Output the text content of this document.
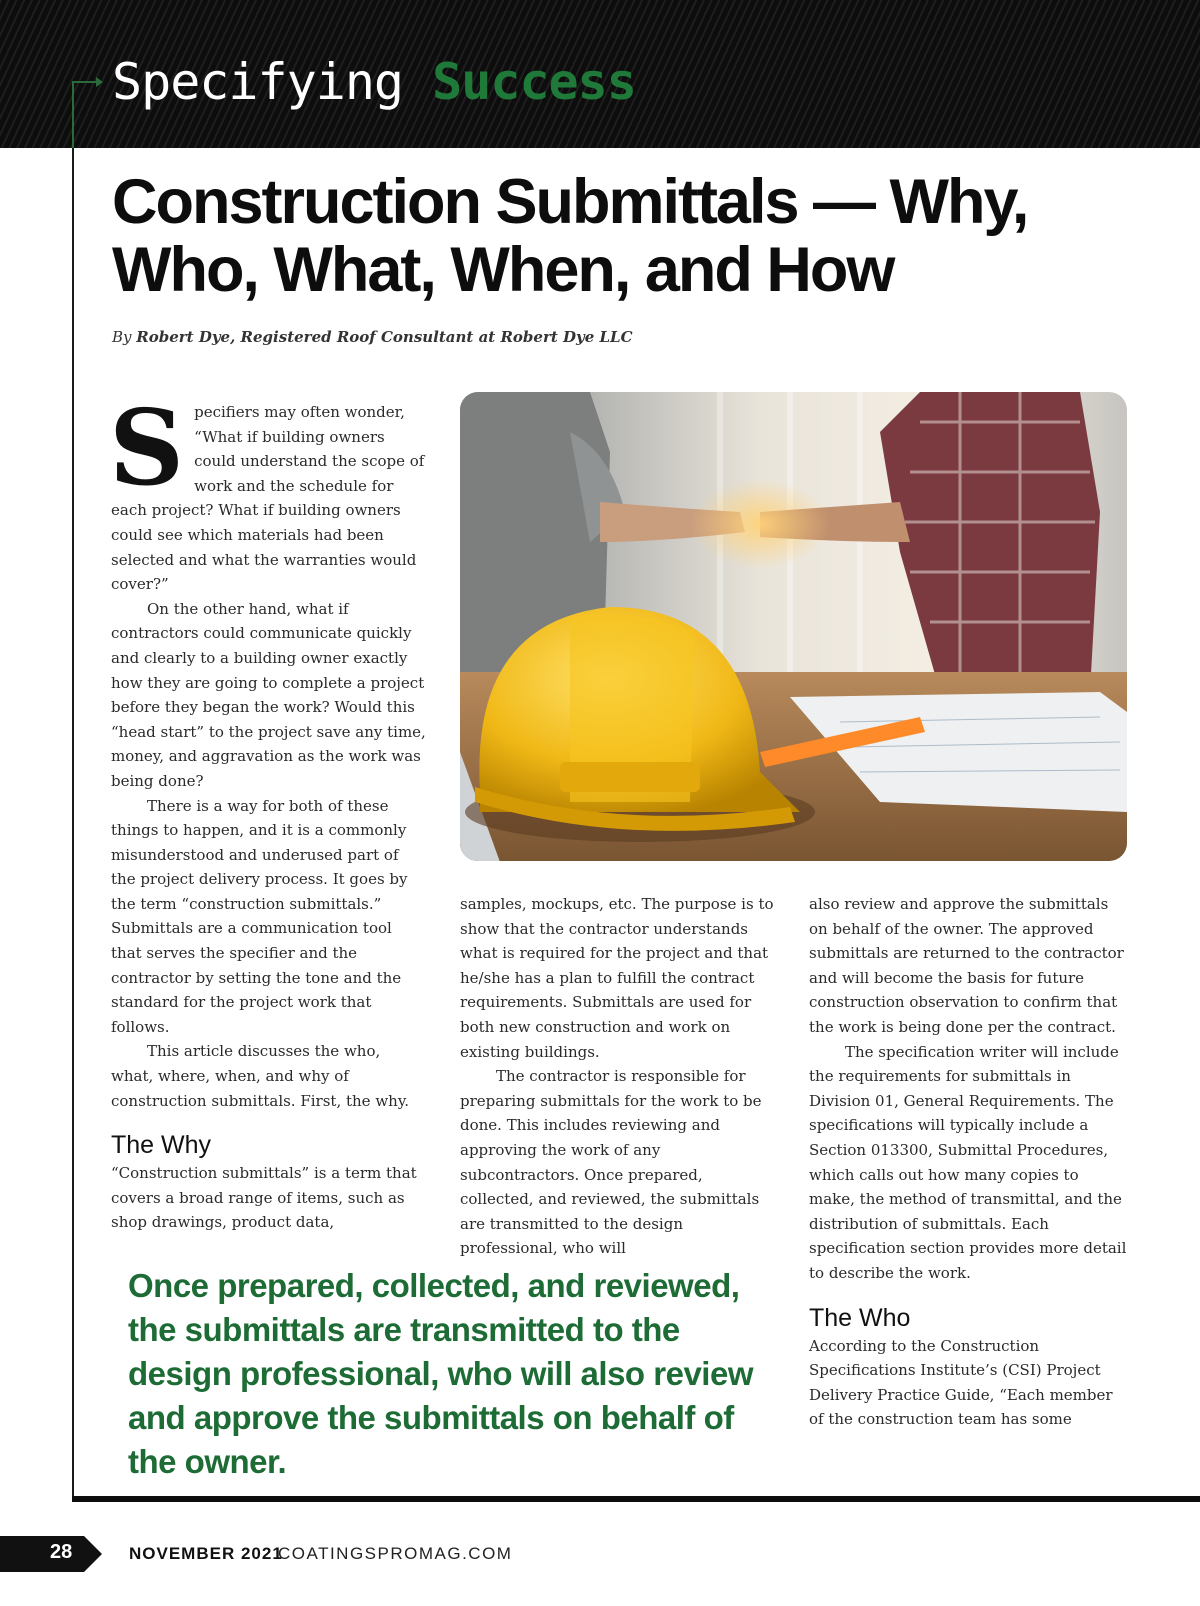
Specifying Success
Construction Submittals — Why,
Who, What, When, and How
By Robert Dye, Registered Roof Consultant at Robert Dye LLC

Specifiers may often wonder, “What if building owners could understand the scope of work and the schedule for each project? What if building owners could see which materials had been selected and what the warranties would cover?”

On the other hand, what if contractors could communicate quickly and clearly to a building owner exactly how they are going to complete a project before they began the work? Would this “head start” to the project save any time, money, and aggravation as the work was being done?

There is a way for both of these things to happen, and it is a commonly misunderstood and underused part of the project delivery process. It goes by the term “construction submittals.” Submittals are a communication tool that serves the specifier and the contractor by setting the tone and the standard for the project work that follows.

This article discusses the who, what, where, when, and why of construction submittals. First, the why.

The Why

“Construction submittals” is a term that covers a broad range of items, such as shop drawings, product data,

samples, mockups, etc. The purpose is to show that the contractor understands what is required for the project and that he/she has a plan to fulfill the contract requirements. Submittals are used for both new construction and work on existing buildings.

The contractor is responsible for preparing submittals for the work to be done. This includes reviewing and approving the work of any subcontractors. Once prepared, collected, and reviewed, the submittals are transmitted to the design professional, who will

also review and approve the submittals on behalf of the owner. The approved submittals are returned to the contractor and will become the basis for future construction observation to confirm that the work is being done per the contract.

The specification writer will include the requirements for submittals in Division 01, General Requirements. The specifications will typically include a Section 013300, Submittal Procedures, which calls out how many copies to make, the method of transmittal, and the distribution of submittals. Each specification section provides more detail to describe the work.

The Who

According to the Construction Specifications Institute’s (CSI) Project Delivery Practice Guide, “Each member of the construction team has some

Once prepared, collected, and reviewed, the submittals are transmitted to the design professional, who will also review and approve the submittals on behalf of the owner.
28	NOVEMBER 2021
COATINGSPROMAG.COM
